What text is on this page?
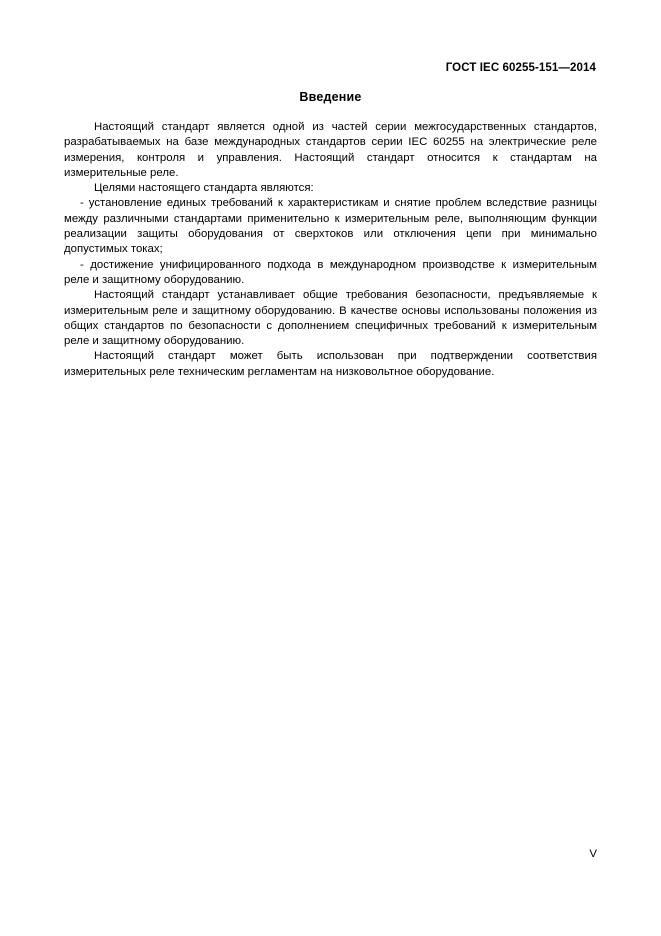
ГОСТ IEC 60255-151—2014
Введение

Настоящий стандарт является одной из частей серии межгосударственных стандартов, разрабатываемых на базе международных стандартов серии IEC 60255 на электрические реле измерения, контроля и управления. Настоящий стандарт относится к стандартам на измерительные реле.

Целями настоящего стандарта являются:

- установление единых требований к характеристикам и снятие проблем вследствие разницы между различными стандартами применительно к измерительным реле, выполняющим функции реализации защиты оборудования от сверхтоков или отключения цепи при минимально допустимых токах;

- достижение унифицированного подхода в международном производстве к измерительным реле и защитному оборудованию.

Настоящий стандарт устанавливает общие требования безопасности, предъявляемые к измерительным реле и защитному оборудованию. В качестве основы использованы положения из общих стандартов по безопасности с дополнением специфичных требований к измерительным реле и защитному оборудованию.

Настоящий стандарт может быть использован при подтверждении соответствия измерительных реле техническим регламентам на низковольтное оборудование.

V
